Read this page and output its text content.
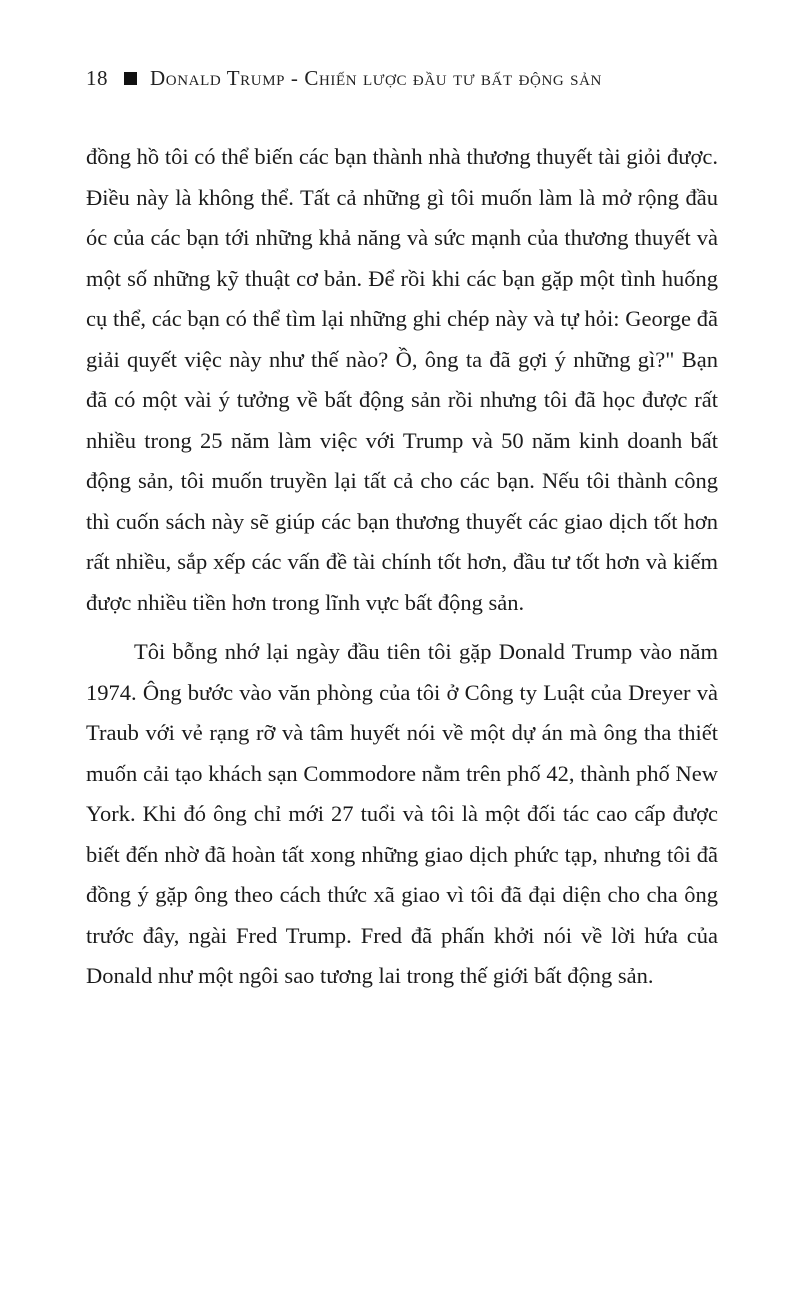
18 Donald Trump - Chiến lược đầu tư bất động sản

đồng hồ tôi có thể biến các bạn thành nhà thương thuyết tài giỏi được. Điều này là không thể. Tất cả những gì tôi muốn làm là mở rộng đầu óc của các bạn tới những khả năng và sức mạnh của thương thuyết và một số những kỹ thuật cơ bản. Để rồi khi các bạn gặp một tình huống cụ thể, các bạn có thể tìm lại những ghi chép này và tự hỏi: George đã giải quyết việc này như thế nào? Ồ, ông ta đã gợi ý những gì?" Bạn đã có một vài ý tưởng về bất động sản rồi nhưng tôi đã học được rất nhiều trong 25 năm làm việc với Trump và 50 năm kinh doanh bất động sản, tôi muốn truyền lại tất cả cho các bạn. Nếu tôi thành công thì cuốn sách này sẽ giúp các bạn thương thuyết các giao dịch tốt hơn rất nhiều, sắp xếp các vấn đề tài chính tốt hơn, đầu tư tốt hơn và kiếm được nhiều tiền hơn trong lĩnh vực bất động sản.

Tôi bỗng nhớ lại ngày đầu tiên tôi gặp Donald Trump vào năm 1974. Ông bước vào văn phòng của tôi ở Công ty Luật của Dreyer và Traub với vẻ rạng rỡ và tâm huyết nói về một dự án mà ông tha thiết muốn cải tạo khách sạn Commodore nằm trên phố 42, thành phố New York. Khi đó ông chỉ mới 27 tuổi và tôi là một đối tác cao cấp được biết đến nhờ đã hoàn tất xong những giao dịch phức tạp, nhưng tôi đã đồng ý gặp ông theo cách thức xã giao vì tôi đã đại diện cho cha ông trước đây, ngài Fred Trump. Fred đã phấn khởi nói về lời hứa của Donald như một ngôi sao tương lai trong thế giới bất động sản.
